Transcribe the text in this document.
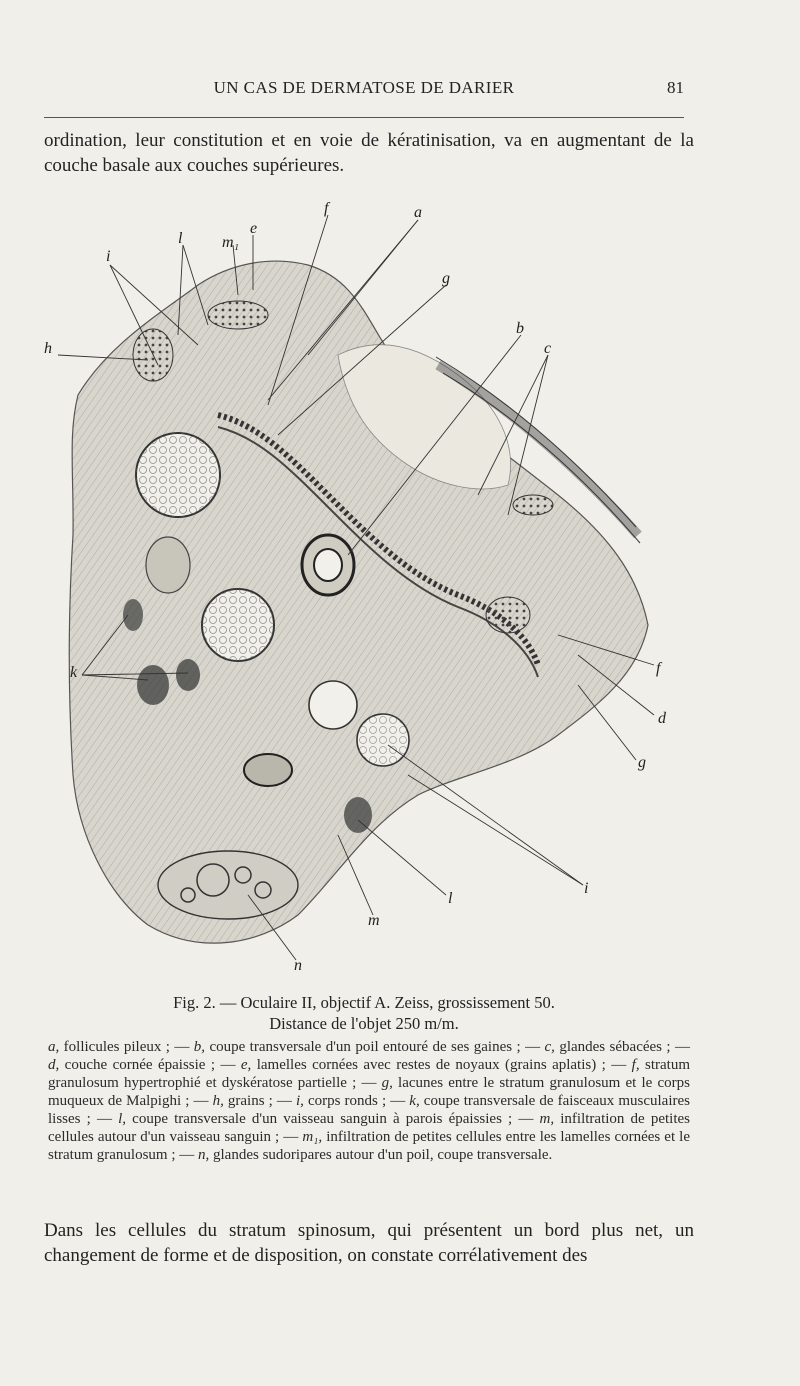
UN CAS DE DERMATOSE DE DARIER	81
ordination, leur constitution et en voie de kératinisation, va en augmentant de la couche basale aux couches supérieures.
i
l m₁
e
f	a
g
h
b
c
k	f
d
g
l
i
m
n
Fig. 2. — Oculaire II, objectif A. Zeiss, grossissement 50.
Distance de l'objet 250 m/m.
a, follicules pileux ; — b, coupe transversale d'un poil entouré de ses gaines ; — c, glandes sébacées ; — d, couche cornée épaissie ; — e, lamelles cornées avec restes de noyaux (grains aplatis) ; — f, stratum granulosum hypertrophié et dyskératose partielle ; — g, lacunes entre le stratum granulosum et le corps muqueux de Malpighi ; — h, grains ; — i, corps ronds ; — k, coupe transversale de faisceaux musculaires lisses ; — l, coupe transversale d'un vaisseau sanguin à parois épaissies ; — m, infiltration de petites cellules autour d'un vaisseau sanguin ; — m₁, infiltration de petites cellules entre les lamelles cornées et le stratum granulosum ; — n, glandes sudoripares autour d'un poil, coupe transversale.
Dans les cellules du stratum spinosum, qui présentent un bord plus net, un changement de forme et de disposition, on constate corrélativement des
